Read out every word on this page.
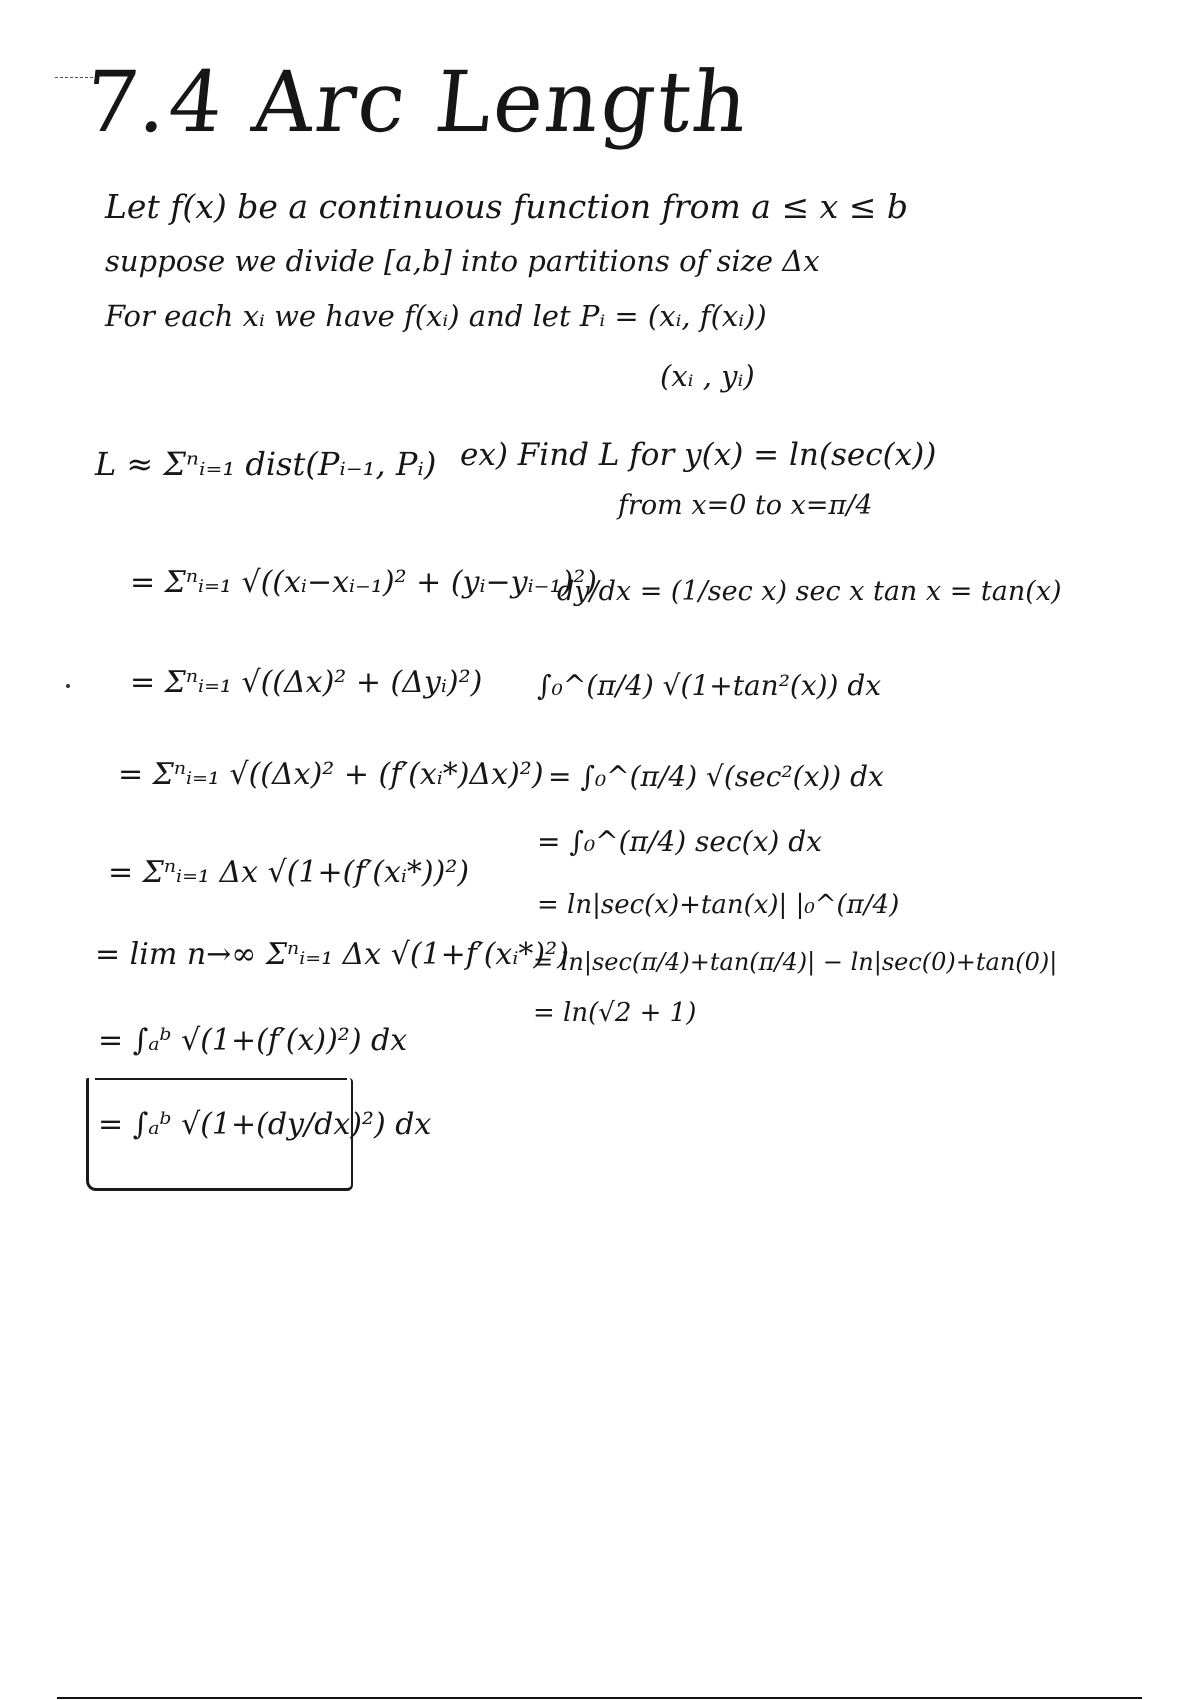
7.4 Arc Length
Let f(x) be a continuous function from a ≤ x ≤ b
suppose we divide [a,b] into partitions of size Δx
For each xᵢ we have f(xᵢ) and let Pᵢ = (xᵢ, f(xᵢ))
(xᵢ , yᵢ)
L ≈ Σⁿᵢ₌₁ dist(Pᵢ₋₁, Pᵢ)
= Σⁿᵢ₌₁ √((xᵢ−xᵢ₋₁)² + (yᵢ−yᵢ₋₁)²)
= Σⁿᵢ₌₁ √((Δx)² + (Δyᵢ)²)
= Σⁿᵢ₌₁ √((Δx)² + (f′(xᵢ*)Δx)²)
= Σⁿᵢ₌₁ Δx √(1+(f′(xᵢ*))²)
= lim n→∞ Σⁿᵢ₌₁ Δx √(1+f′(xᵢ*)²)
= ∫ₐᵇ √(1+(f′(x))²) dx
= ∫ₐᵇ √(1+(dy/dx)²) dx
ex) Find L for y(x) = ln(sec(x))
from x=0 to x=π/4
dy/dx = (1/sec x) sec x tan x = tan(x)
∫₀^(π/4) √(1+tan²(x)) dx
= ∫₀^(π/4) √(sec²(x)) dx
= ∫₀^(π/4) sec(x) dx
= ln|sec(x)+tan(x)| |₀^(π/4)
= ln|sec(π/4)+tan(π/4)| − ln|sec(0)+tan(0)|
= ln(√2 + 1)
